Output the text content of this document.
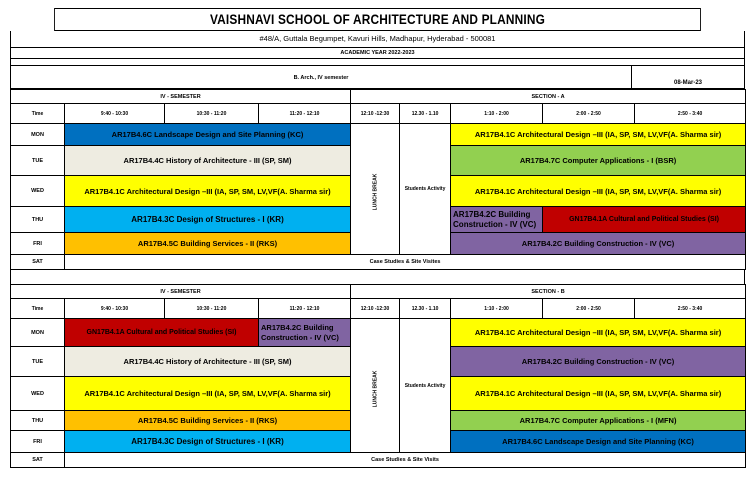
VAISHNAVI SCHOOL OF ARCHITECTURE AND PLANNING
#48/A, Guttala Begumpet, Kavuri Hills, Madhapur, Hyderabad - 500081
ACADEMIC YEAR 2022-2023
B. Arch., IV semester
08-Mar-23
IV - SEMESTER				SECTION - A				
Time	9:40 - 10:30	10:30 - 11:20	11:20 - 12:10	12:10 -12:30	12.30 - 1.10	1:10 - 2:00	2:00 - 2:50	2:50 - 3:40
MON	AR17B4.6C Landscape Design and Site Planning (KC)			LUNCH BREAK	Students Activity	AR17B4.1C Architectural Design –III (IA, SP, SM, LV,VF(A. Sharma sir)		
TUE	AR17B4.4C History of Architecture - III (SP, SM)					AR17B4.7C Computer Applications - I (BSR)		
WED	AR17B4.1C Architectural Design –III (IA, SP, SM, LV,VF(A. Sharma sir)					AR17B4.1C Architectural Design –III (IA, SP, SM, LV,VF(A. Sharma sir)		
THU	AR17B4.3C Design of Structures - I (KR)					AR17B4.2C Building Construction - IV (VC)	GN17B4.1A Cultural and Political Studies (SI)	
FRI	AR17B4.5C Building Services - II (RKS)					AR17B4.2C Building Construction - IV (VC)		
SAT	Case Studies & Site Visites							
IV - SEMESTER				SECTION - B				
Time	9:40 - 10:30	10:30 - 11:20	11:20 - 12:10	12:10 -12:30	12.30 - 1.10	1:10 - 2:00	2:00 - 2:50	2:50 - 3:40
MON	GN17B4.1A Cultural and Political Studies (SI)		AR17B4.2C Building Construction - IV (VC)	LUNCH BREAK	Students Activity	AR17B4.1C Architectural Design –III (IA, SP, SM, LV,VF(A. Sharma sir)		
TUE	AR17B4.4C History of Architecture - III (SP, SM)					AR17B4.2C Building Construction - IV (VC)		
WED	AR17B4.1C Architectural Design –III (IA, SP, SM, LV,VF(A. Sharma sir)					AR17B4.1C Architectural Design –III (IA, SP, SM, LV,VF(A. Sharma sir)		
THU	AR17B4.5C Building Services - II (RKS)					AR17B4.7C Computer Applications - I (MFN)		
FRI	AR17B4.3C Design of Structures - I (KR)					AR17B4.6C Landscape Design and Site Planning (KC)		
SAT	Case Studies & Site Visits							
